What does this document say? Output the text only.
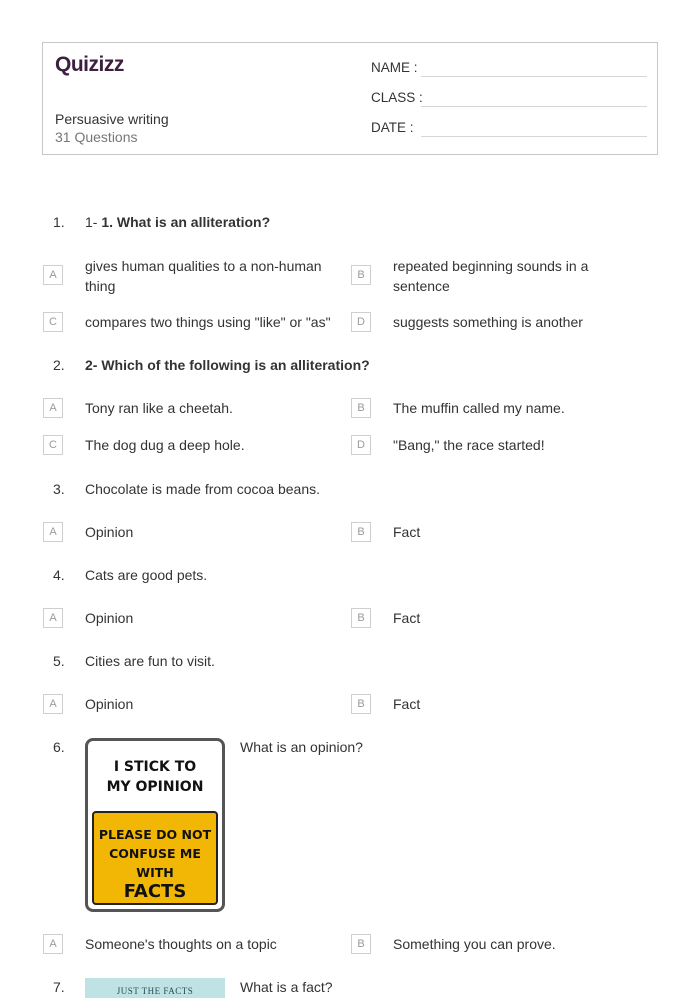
Quizizz
Persuasive writing
31 Questions
NAME :
CLASS :
DATE :
1.	1- 1. What is an alliteration?
A
gives human qualities to a non-human thing
B
repeated beginning sounds in a sentence
C	compares two things using "like" or "as"	D	suggests something is another
2.	2- Which of the following is an alliteration?
A	Tony ran like a cheetah.	B	The muffin called my name.
C	The dog dug a deep hole.	D	"Bang," the race started!
3.	Chocolate is made from cocoa beans.
A	Opinion	B	Fact
4.	Cats are good pets.
A	Opinion	B	Fact
5.	Cities are fun to visit.
A	Opinion	B	Fact
6.
I STICK TO
MY OPINION
PLEASE DO NOT
CONFUSE ME WITH
FACTS
What is an opinion?
A	Someone's thoughts on a topic	B	Something you can prove.
7.	JUST THE FACTS	What is a fact?
